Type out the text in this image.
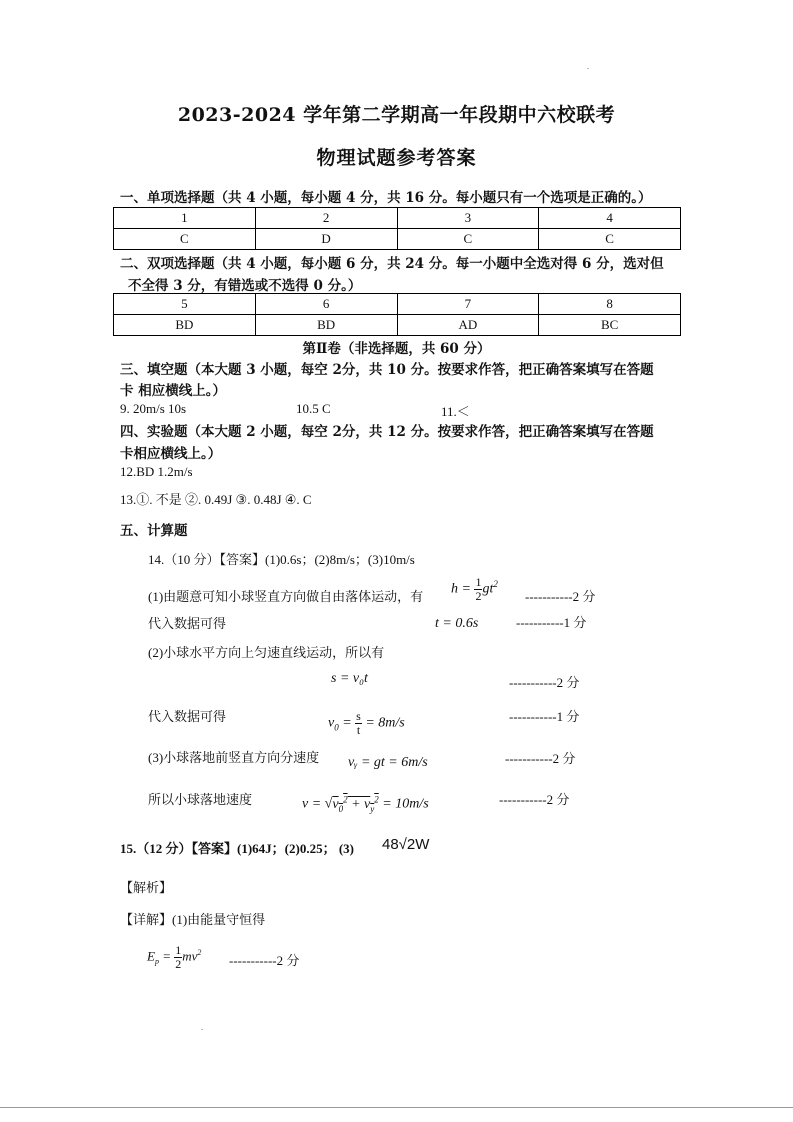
2023-2024 学年第二学期高一年段期中六校联考
物理试题参考答案
一、单项选择题（共 4 小题，每小题 4 分，共 16 分。每小题只有一个选项是正确的。）
1	2	3	4
C	D	C	C
二、双项选择题（共 4 小题，每小题 6 分，共 24 分。每一小题中全选对得 6 分，选对但
不全得 3 分，有错选或不选得 0 分。）
5	6	7	8
BD	BD	AD	BC
第Ⅱ卷（非选择题，共 60 分）
三、填空题（本大题 3 小题，每空 2分，共 10 分。按要求作答，把正确答案填写在答题
卡 相应横线上。）
9. 20m/s 10s	10.5 C	11.＜
四、实验题（本大题 2 小题，每空 2分，共 12 分。按要求作答，把正确答案填写在答题
卡相应横线上。）
12.BD 1.2m/s
13.①. 不是 ②. 0.49J ③. 0.48J ④. C
五、计算题
14.（10 分）【答案】(1)0.6s；(2)8m/s；(3)10m/s
(1)由题意可知小球竖直方向做自由落体运动，有 $h = \frac{1}{2} gt^2$
-----------2 分
代入数据可得	t = 0.6s	-----------1 分
(2)小球水平方向上匀速直线运动，所以有
s = v₀t	-----------2 分
代入数据可得	$v_0 = \frac{s}{t} = 8m/s$	-----------1 分
(3)小球落地前竖直方向分速度 vᵧ = gt = 6m/s	-----------2 分
所以小球落地速度	$v = √v_0^2 + v_y^2 = 10m/s$	-----------2 分
15.（12 分）【答案】(1)64J；(2)0.25； (3) 48√2W
【解析】
【详解】(1)由能量守恒得
$E_p = \frac{1}{2} mv^2$
-----------2 分
